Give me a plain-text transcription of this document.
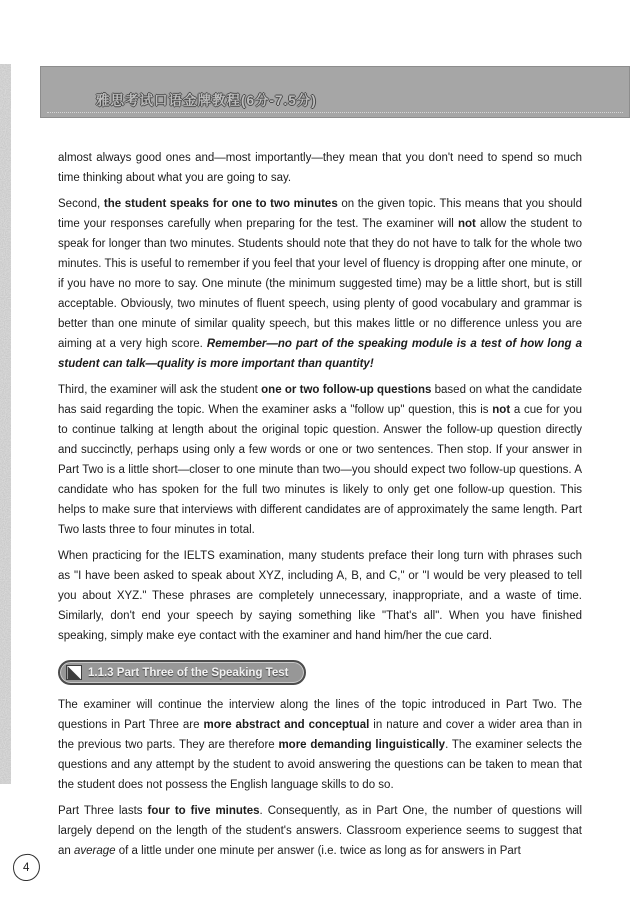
雅思考试口语金牌教程(6分-7.5分)

almost always good ones and—most importantly—they mean that you don't need to spend so much time thinking about what you are going to say.

Second, the student speaks for one to two minutes on the given topic. This means that you should time your responses carefully when preparing for the test. The examiner will not allow the student to speak for longer than two minutes. Students should note that they do not have to talk for the whole two minutes. This is useful to remember if you feel that your level of fluency is dropping after one minute, or if you have no more to say. One minute (the minimum suggested time) may be a little short, but is still acceptable. Obviously, two minutes of fluent speech, using plenty of good vocabulary and grammar is better than one minute of similar quality speech, but this makes little or no difference unless you are aiming at a very high score. Remember—no part of the speaking module is a test of how long a student can talk—quality is more important than quantity!

Third, the examiner will ask the student one or two follow-up questions based on what the candidate has said regarding the topic. When the examiner asks a "follow up" question, this is not a cue for you to continue talking at length about the original topic question. Answer the follow-up question directly and succinctly, perhaps using only a few words or one or two sentences. Then stop. If your answer in Part Two is a little short—closer to one minute than two—you should expect two follow-up questions. A candidate who has spoken for the full two minutes is likely to only get one follow-up question. This helps to make sure that interviews with different candidates are of approximately the same length. Part Two lasts three to four minutes in total.

When practicing for the IELTS examination, many students preface their long turn with phrases such as "I have been asked to speak about XYZ, including A, B, and C," or "I would be very pleased to tell you about XYZ." These phrases are completely unnecessary, inappropriate, and a waste of time. Similarly, don't end your speech by saying something like "That's all". When you have finished speaking, simply make eye contact with the examiner and hand him/her the cue card.

1.1.3 Part Three of the Speaking Test

The examiner will continue the interview along the lines of the topic introduced in Part Two. The questions in Part Three are more abstract and conceptual in nature and cover a wider area than in the previous two parts. They are therefore more demanding linguistically. The examiner selects the questions and any attempt by the student to avoid answering the questions can be taken to mean that the student does not possess the English language skills to do so.

Part Three lasts four to five minutes. Consequently, as in Part One, the number of questions will largely depend on the length of the student's answers. Classroom experience seems to suggest that an average of a little under one minute per answer (i.e. twice as long as for answers in Part

4
